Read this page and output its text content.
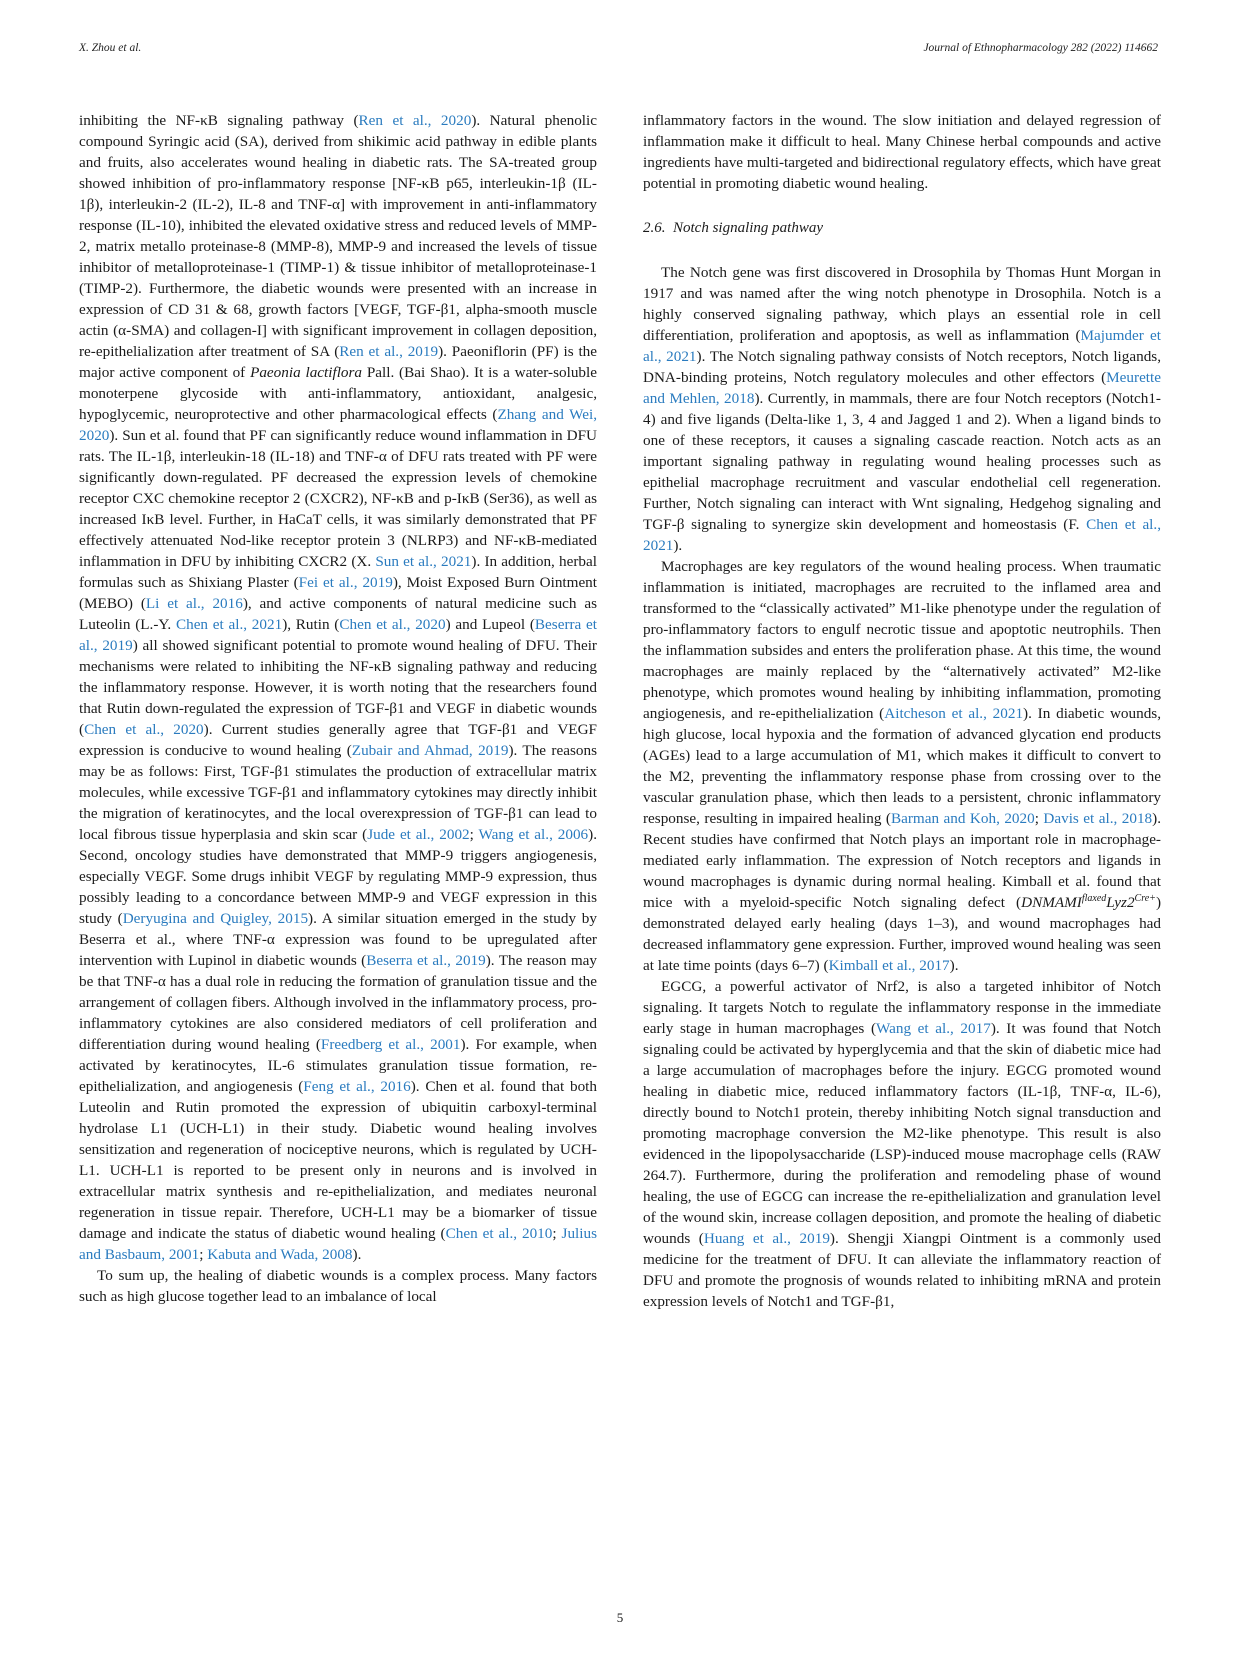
X. Zhou et al.	Journal of Ethnopharmacology 282 (2022) 114662

inhibiting the NF-κB signaling pathway (Ren et al., 2020). Natural phenolic compound Syringic acid (SA), derived from shikimic acid pathway in edible plants and fruits, also accelerates wound healing in diabetic rats. The SA-treated group showed inhibition of pro-inflammatory response [NF-κB p65, interleukin-1β (IL-1β), interleukin-2 (IL-2), IL-8 and TNF-α] with improvement in anti-inflammatory response (IL-10), inhibited the elevated oxidative stress and reduced levels of MMP-2, matrix metallo proteinase-8 (MMP-8), MMP-9 and increased the levels of tissue inhibitor of metalloproteinase-1 (TIMP-1) & tissue inhibitor of metalloproteinase-1 (TIMP-2). Furthermore, the diabetic wounds were presented with an increase in expression of CD 31 & 68, growth factors [VEGF, TGF-β1, alpha-smooth muscle actin (α-SMA) and collagen-I] with significant improvement in collagen deposition, re-epithelialization after treatment of SA (Ren et al., 2019). Paeoniflorin (PF) is the major active component of Paeonia lactiflora Pall. (Bai Shao). It is a water-soluble monoterpene glycoside with anti-inflammatory, antioxidant, analgesic, hypoglycemic, neuroprotective and other pharmacological effects (Zhang and Wei, 2020). Sun et al. found that PF can significantly reduce wound inflammation in DFU rats. The IL-1β, interleukin-18 (IL-18) and TNF-α of DFU rats treated with PF were significantly down-regulated. PF decreased the expression levels of chemokine receptor CXC chemokine receptor 2 (CXCR2), NF-κB and p-IκB (Ser36), as well as increased IκB level. Further, in HaCaT cells, it was similarly demonstrated that PF effectively attenuated Nod-like receptor protein 3 (NLRP3) and NF-κB-mediated inflammation in DFU by inhibiting CXCR2 (X. Sun et al., 2021). In addition, herbal formulas such as Shixiang Plaster (Fei et al., 2019), Moist Exposed Burn Ointment (MEBO) (Li et al., 2016), and active components of natural medicine such as Luteolin (L.-Y. Chen et al., 2021), Rutin (Chen et al., 2020) and Lupeol (Beserra et al., 2019) all showed significant potential to promote wound healing of DFU. Their mechanisms were related to inhibiting the NF-κB signaling pathway and reducing the inflammatory response. However, it is worth noting that the researchers found that Rutin down-regulated the expression of TGF-β1 and VEGF in diabetic wounds (Chen et al., 2020). Current studies generally agree that TGF-β1 and VEGF expression is conducive to wound healing (Zubair and Ahmad, 2019). The reasons may be as follows: First, TGF-β1 stimulates the production of extracellular matrix molecules, while excessive TGF-β1 and inflammatory cytokines may directly inhibit the migration of keratinocytes, and the local overexpression of TGF-β1 can lead to local fibrous tissue hyperplasia and skin scar (Jude et al., 2002; Wang et al., 2006). Second, oncology studies have demonstrated that MMP-9 triggers angiogenesis, especially VEGF. Some drugs inhibit VEGF by regulating MMP-9 expression, thus possibly leading to a concordance between MMP-9 and VEGF expression in this study (Deryugina and Quigley, 2015). A similar situation emerged in the study by Beserra et al., where TNF-α expression was found to be upregulated after intervention with Lupinol in diabetic wounds (Beserra et al., 2019). The reason may be that TNF-α has a dual role in reducing the formation of granulation tissue and the arrangement of collagen fibers. Although involved in the inflammatory process, pro-inflammatory cytokines are also considered mediators of cell proliferation and differentiation during wound healing (Freedberg et al., 2001). For example, when activated by keratinocytes, IL-6 stimulates granulation tissue formation, re-epithelialization, and angiogenesis (Feng et al., 2016). Chen et al. found that both Luteolin and Rutin promoted the expression of ubiquitin carboxyl-terminal hydrolase L1 (UCH-L1) in their study. Diabetic wound healing involves sensitization and regeneration of nociceptive neurons, which is regulated by UCH-L1. UCH-L1 is reported to be present only in neurons and is involved in extracellular matrix synthesis and re-epithelialization, and mediates neuronal regeneration in tissue repair. Therefore, UCH-L1 may be a biomarker of tissue damage and indicate the status of diabetic wound healing (Chen et al., 2010; Julius and Basbaum, 2001; Kabuta and Wada, 2008).

To sum up, the healing of diabetic wounds is a complex process. Many factors such as high glucose together lead to an imbalance of local

inflammatory factors in the wound. The slow initiation and delayed regression of inflammation make it difficult to heal. Many Chinese herbal compounds and active ingredients have multi-targeted and bidirectional regulatory effects, which have great potential in promoting diabetic wound healing.

2.6. Notch signaling pathway

The Notch gene was first discovered in Drosophila by Thomas Hunt Morgan in 1917 and was named after the wing notch phenotype in Drosophila. Notch is a highly conserved signaling pathway, which plays an essential role in cell differentiation, proliferation and apoptosis, as well as inflammation (Majumder et al., 2021). The Notch signaling pathway consists of Notch receptors, Notch ligands, DNA-binding proteins, Notch regulatory molecules and other effectors (Meurette and Mehlen, 2018). Currently, in mammals, there are four Notch receptors (Notch1-4) and five ligands (Delta-like 1, 3, 4 and Jagged 1 and 2). When a ligand binds to one of these receptors, it causes a signaling cascade reaction. Notch acts as an important signaling pathway in regulating wound healing processes such as epithelial macrophage recruitment and vascular endothelial cell regeneration. Further, Notch signaling can interact with Wnt signaling, Hedgehog signaling and TGF-β signaling to synergize skin development and homeostasis (F. Chen et al., 2021).

Macrophages are key regulators of the wound healing process. When traumatic inflammation is initiated, macrophages are recruited to the inflamed area and transformed to the “classically activated” M1-like phenotype under the regulation of pro-inflammatory factors to engulf necrotic tissue and apoptotic neutrophils. Then the inflammation subsides and enters the proliferation phase. At this time, the wound macrophages are mainly replaced by the “alternatively activated” M2-like phenotype, which promotes wound healing by inhibiting inflammation, promoting angiogenesis, and re-epithelialization (Aitcheson et al., 2021). In diabetic wounds, high glucose, local hypoxia and the formation of advanced glycation end products (AGEs) lead to a large accumulation of M1, which makes it difficult to convert to the M2, preventing the inflammatory response phase from crossing over to the vascular granulation phase, which then leads to a persistent, chronic inflammatory response, resulting in impaired healing (Barman and Koh, 2020; Davis et al., 2018). Recent studies have confirmed that Notch plays an important role in macrophage-mediated early inflammation. The expression of Notch receptors and ligands in wound macrophages is dynamic during normal healing. Kimball et al. found that mice with a myeloid-specific Notch signaling defect $(DNMAMI^{flaxed}Lyz2^{Cre+})$ demonstrated delayed early healing (days 1–3), and wound macrophages had decreased inflammatory gene expression. Further, improved wound healing was seen at late time points (days 6–7) (Kimball et al., 2017).

EGCG, a powerful activator of Nrf2, is also a targeted inhibitor of Notch signaling. It targets Notch to regulate the inflammatory response in the immediate early stage in human macrophages (Wang et al., 2017). It was found that Notch signaling could be activated by hyperglycemia and that the skin of diabetic mice had a large accumulation of macrophages before the injury. EGCG promoted wound healing in diabetic mice, reduced inflammatory factors (IL-1β, TNF-α, IL-6), directly bound to Notch1 protein, thereby inhibiting Notch signal transduction and promoting macrophage conversion the M2-like phenotype. This result is also evidenced in the lipopolysaccharide (LSP)-induced mouse macrophage cells (RAW 264.7). Furthermore, during the proliferation and remodeling phase of wound healing, the use of EGCG can increase the re-epithelialization and granulation level of the wound skin, increase collagen deposition, and promote the healing of diabetic wounds (Huang et al., 2019). Shengji Xiangpi Ointment is a commonly used medicine for the treatment of DFU. It can alleviate the inflammatory reaction of DFU and promote the prognosis of wounds related to inhibiting mRNA and protein expression levels of Notch1 and TGF-β1,

5
